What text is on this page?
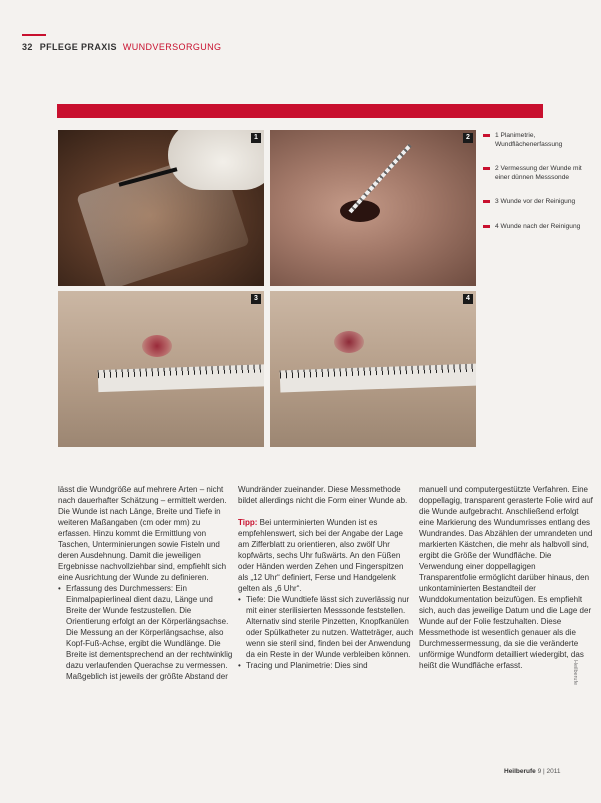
32 PFLEGE PRAXIS WUNDVERSORGUNG
1	2
3	4
1 Planimetrie, Wundflächenerfassung
2 Vermessung der Wunde mit einer dünnen Messsonde
3 Wunde vor der Reinigung
4 Wunde nach der Reinigung

lässt die Wundgröße auf mehrere Arten – nicht nach dauerhafter Schätzung – ermittelt werden. Die Wunde ist nach Länge, Breite und Tiefe in weiteren Maßangaben (cm oder mm) zu erfassen. Hinzu kommt die Ermittlung von Taschen, Unterminierungen sowie Fisteln und deren Ausdehnung. Damit die jeweiligen Ergebnisse nachvollziehbar sind, empfiehlt sich eine Ausrichtung der Wunde zu definieren.

• Erfassung des Durchmessers: Ein Einmalpapierlineal dient dazu, Länge und Breite der Wunde festzustellen. Die Orientierung erfolgt an der Körperlängsachse. Die Messung an der Körperlängsachse, also Kopf-Fuß-Achse, ergibt die Wundlänge. Die Breite ist dementsprechend an der rechtwinklig dazu verlaufenden Querachse zu vermessen. Maßgeblich ist jeweils der größte Abstand der

Wundränder zueinander. Diese Messmethode bildet allerdings nicht die Form einer Wunde ab.

Tipp: Bei unterminierten Wunden ist es empfehlenswert, sich bei der Angabe der Lage am Zifferblatt zu orientieren, also zwölf Uhr kopfwärts, sechs Uhr fußwärts. An den Füßen oder Händen werden Zehen und Fingerspitzen als „12 Uhr“ definiert, Ferse und Handgelenk gelten als „6 Uhr“.

• Tiefe: Die Wundtiefe lässt sich zuverlässig nur mit einer sterilisierten Messsonde feststellen. Alternativ sind sterile Pinzetten, Knopfkanülen oder Spülkatheter zu nutzen. Watteträger, auch wenn sie steril sind, finden bei der Anwendung da ein Reste in der Wunde verbleiben können.

• Tracing und Planimetrie: Dies sind

manuell und computergestützte Verfahren. Eine doppellagig, transparent gerasterte Folie wird auf die Wunde aufgebracht. Anschließend erfolgt eine Markierung des Wundumrisses entlang des Wundrandes. Das Abzählen der umrandeten und markierten Kästchen, die mehr als halbvoll sind, ergibt die Größe der Wundfläche. Die Verwendung einer doppellagigen Transparentfolie ermöglicht darüber hinaus, den unkontaminierten Bestandteil der Wunddokumentation beizufügen. Es empfiehlt sich, auch das jeweilige Datum und die Lage der Wunde auf der Folie festzuhalten. Diese Messmethode ist wesentlich genauer als die Durchmessermessung, da sie die veränderte unförmige Wundform detailliert wiedergibt, das heißt die Wundfläche erfasst.	Heilberufe
Heilberufe 9 | 2011
